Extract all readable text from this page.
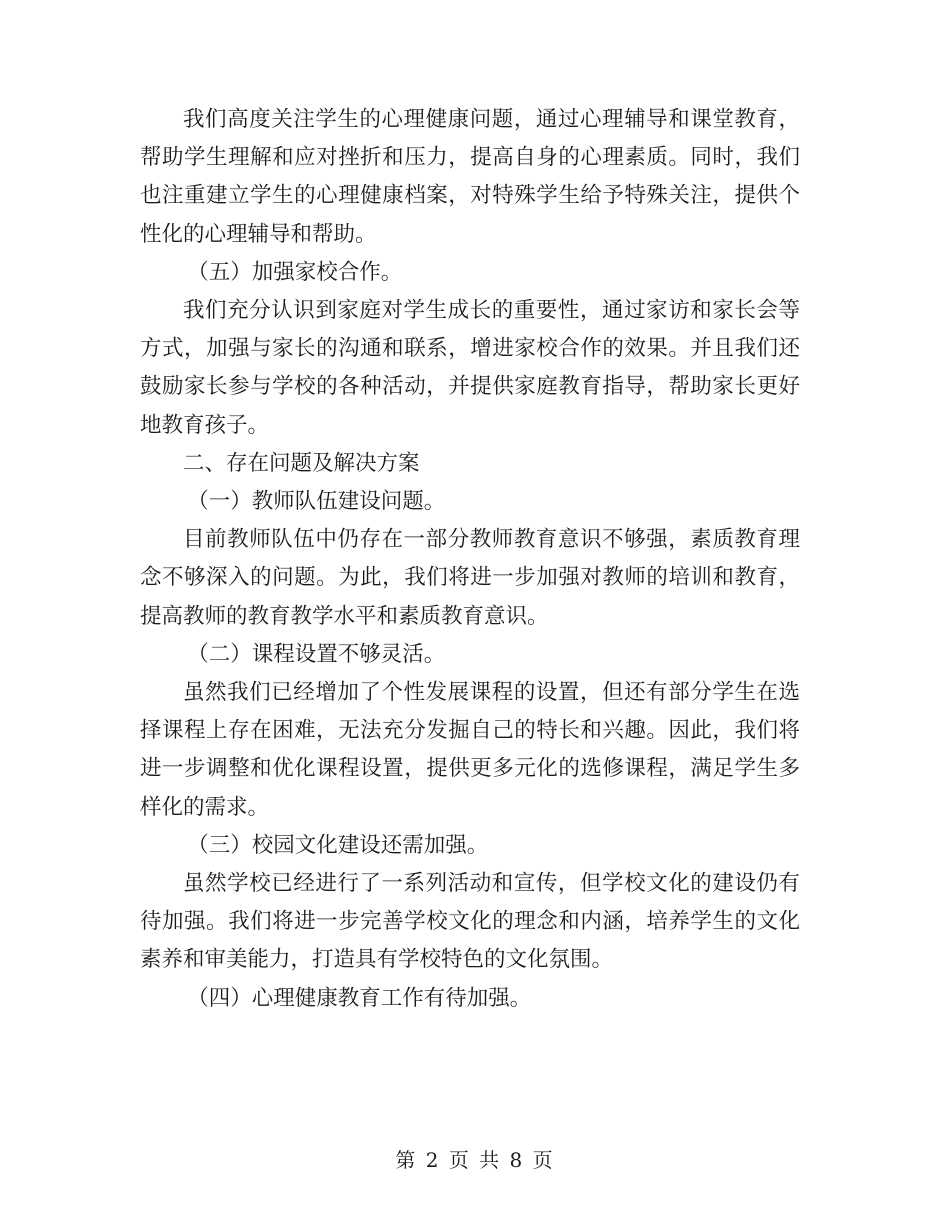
我们高度关注学生的心理健康问题，通过心理辅导和课堂教育，帮助学生理解和应对挫折和压力，提高自身的心理素质。同时，我们也注重建立学生的心理健康档案，对特殊学生给予特殊关注，提供个性化的心理辅导和帮助。

（五）加强家校合作。

我们充分认识到家庭对学生成长的重要性，通过家访和家长会等方式，加强与家长的沟通和联系，增进家校合作的效果。并且我们还鼓励家长参与学校的各种活动，并提供家庭教育指导，帮助家长更好地教育孩子。

二、存在问题及解决方案

（一）教师队伍建设问题。

目前教师队伍中仍存在一部分教师教育意识不够强，素质教育理念不够深入的问题。为此，我们将进一步加强对教师的培训和教育，提高教师的教育教学水平和素质教育意识。

（二）课程设置不够灵活。

虽然我们已经增加了个性发展课程的设置，但还有部分学生在选择课程上存在困难，无法充分发掘自己的特长和兴趣。因此，我们将进一步调整和优化课程设置，提供更多元化的选修课程，满足学生多样化的需求。

（三）校园文化建设还需加强。

虽然学校已经进行了一系列活动和宣传，但学校文化的建设仍有待加强。我们将进一步完善学校文化的理念和内涵，培养学生的文化素养和审美能力，打造具有学校特色的文化氛围。

（四）心理健康教育工作有待加强。

第 2 页 共 8 页
